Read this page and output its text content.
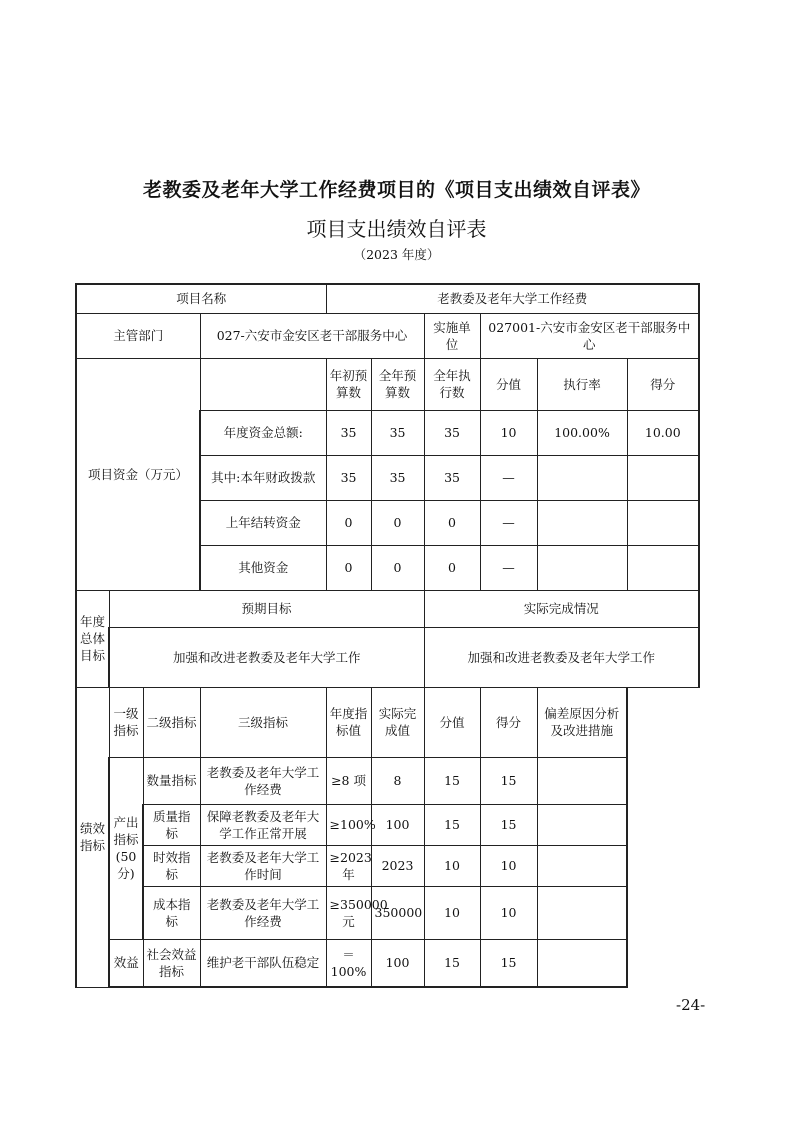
老教委及老年大学工作经费项目的《项目支出绩效自评表》
项目支出绩效自评表
（2023 年度）
项目名称				老教委及老年大学工作经费					
主管部门			027-六安市金安区老干部服务中心			实施单位	027001-六安市金安区老干部服务中心		
项目资金（万元）				年初预算数	全年预算数	全年执行数	分值	执行率	得分
			年度资金总额:	35	35	35	10	100.00%	10.00
			其中:本年财政拨款	35	35	35	—		
			上年结转资金	0	0	0	—		
			其他资金	0	0	0	—		
年度总体目标	预期目标					实际完成情况			
	加强和改进老教委及老年大学工作					加强和改进老教委及老年大学工作			
绩效指标	一级指标	二级指标	三级指标	年度指标值	实际完成值	分值	得分	偏差原因分析及改进措施	
	产出指标(50分)	数量指标	老教委及老年大学工作经费	≥8 项	8	15	15		
		质量指标	保障老教委及老年大学工作正常开展	≥100%	100	15	15		
		时效指标	老教委及老年大学工作时间	≥2023年	2023	10	10		
		成本指标	老教委及老年大学工作经费	≥350000元	350000	10	10		
	效益	社会效益指标	维护老干部队伍稳定	＝100%	100	15	15		
-24-
